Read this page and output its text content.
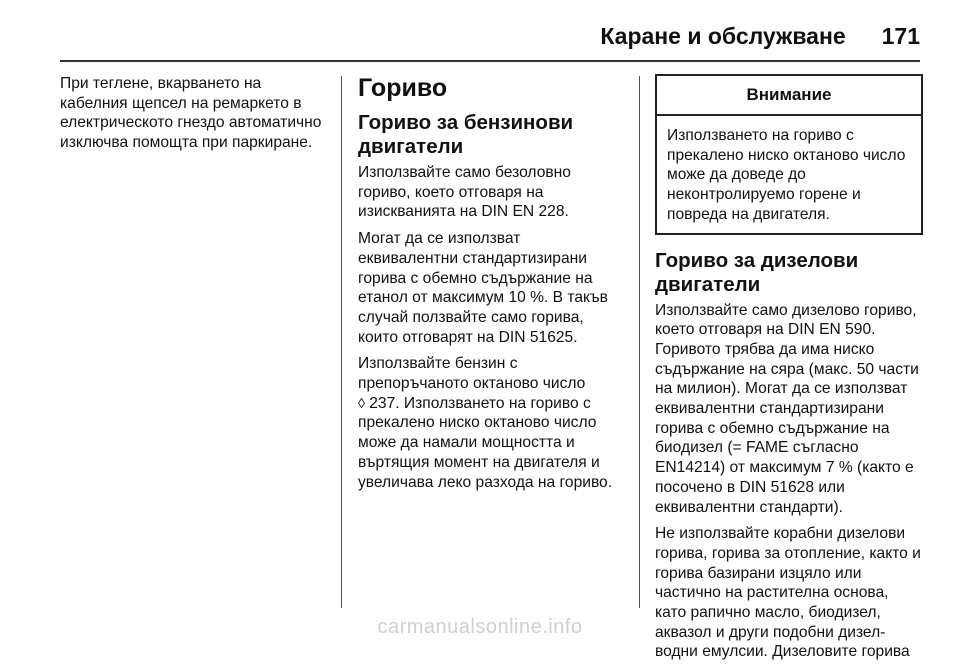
Каране и обслужване 171

При теглене, вкарването на кабелния щепсел на ремаркето в електрическото гнездо автоматично изключва помощта при паркиране.

Гориво
Гориво за бензинови двигатели

Използвайте само безоловно гориво, което отговаря на изискванията на DIN EN 228.

Могат да се използват еквивалентни стандартизирани горива с обемно съдържание на етанол от максимум 10 %. В такъв случай ползвайте само горива, които отговарят на DIN 51625.

Използвайте бензин с препоръчаното октаново число
◊ 237. Използването на гориво с прекалено ниско октаново число може да намали мощността и въртящия момент на двигателя и увеличава леко разхода на гориво.

Внимание

Използването на гориво с прекалено ниско октаново число може да доведе до неконтролируемо горене и повреда на двигателя.

Гориво за дизелови двигатели

Използвайте само дизелово гориво, което отговаря на DIN EN 590. Горивото трябва да има ниско съдържание на сяра (макс. 50 части на милион). Могат да се използват еквивалентни стандартизирани горива с обемно съдържание на биодизел (= FAME съгласно EN14214) от максимум 7 % (както е посочено в DIN 51628 или еквивалентни стандарти).

Не използвайте корабни дизелови горива, горива за отопление, както и горива базирани изцяло или частично на растителна основа, като рапично масло, биодизел, аквазол и други подобни дизел-водни емулсии. Дизеловите горива

carmanualsonline.info
